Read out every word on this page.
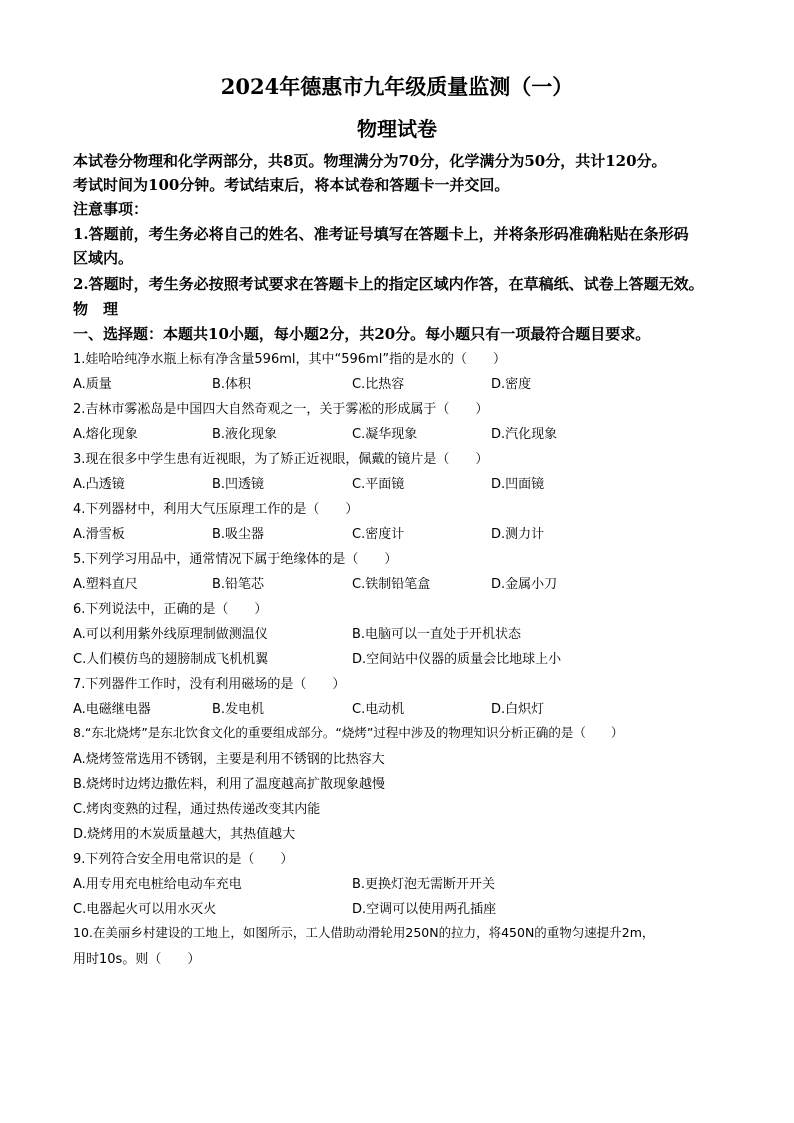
2024年德惠市九年级质量监测（一）
物理试卷
本试卷分物理和化学两部分，共8页。物理满分为70分，化学满分为50分，共计120分。
考试时间为100分钟。考试结束后，将本试卷和答题卡一并交回。
注意事项：
1.答题前，考生务必将自己的姓名、准考证号填写在答题卡上，并将条形码准确粘贴在条形码
区域内。
2.答题时，考生务必按照考试要求在答题卡上的指定区域内作答，在草稿纸、试卷上答题无效。
物　理
一、选择题：本题共10小题，每小题2分，共20分。每小题只有一项最符合题目要求。
1.娃哈哈纯净水瓶上标有净含量596ml，其中“596ml”指的是水的（　　）
A.质量	B.体积	C.比热容	D.密度
2.吉林市雾凇岛是中国四大自然奇观之一，关于雾凇的形成属于（　　）
A.熔化现象	B.液化现象	C.凝华现象	D.汽化现象
3.现在很多中学生患有近视眼，为了矫正近视眼，佩戴的镜片是（　　）
A.凸透镜	B.凹透镜	C.平面镜	D.凹面镜
4.下列器材中，利用大气压原理工作的是（　　）
A.滑雪板	B.吸尘器	C.密度计	D.测力计
5.下列学习用品中，通常情况下属于绝缘体的是（　　）
A.塑料直尺	B.铅笔芯	C.铁制铅笔盒	D.金属小刀
6.下列说法中，正确的是（　　）
A.可以利用紫外线原理制做测温仪	B.电脑可以一直处于开机状态
C.人们模仿鸟的翅膀制成飞机机翼	D.空间站中仪器的质量会比地球上小
7.下列器件工作时，没有利用磁场的是（　　）
A.电磁继电器	B.发电机	C.电动机	D.白炽灯
8.“东北烧烤”是东北饮食文化的重要组成部分。“烧烤”过程中涉及的物理知识分析正确的是（　　）
A.烧烤签常选用不锈钢，主要是利用不锈钢的比热容大
B.烧烤时边烤边撒佐料，利用了温度越高扩散现象越慢
C.烤肉变熟的过程，通过热传递改变其内能
D.烧烤用的木炭质量越大，其热值越大
9.下列符合安全用电常识的是（　　）
A.用专用充电桩给电动车充电	B.更换灯泡无需断开开关
C.电器起火可以用水灭火	D.空调可以使用两孔插座
10.在美丽乡村建设的工地上，如图所示，工人借助动滑轮用250N的拉力，将450N的重物匀速提升2m，
用时10s。则（　　）
